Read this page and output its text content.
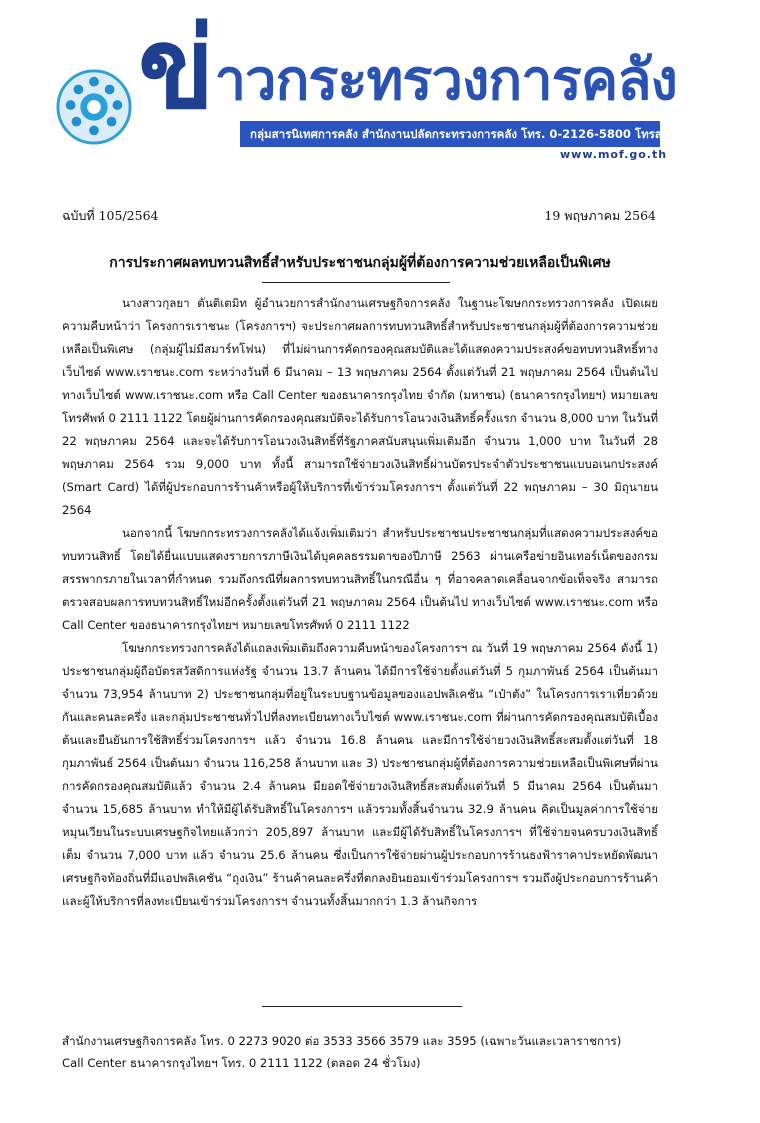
ข่ าวกระทรวงการคลัง
กลุ่มสารนิเทศการคลัง สำนักงานปลัดกระทรวงการคลัง โทร. 0-2126-5800 โทรสาร 0-2273-9763
www.mof.go.th
ฉบับที่ 105/2564	19 พฤษภาคม 2564
การประกาศผลทบทวนสิทธิ์สำหรับประชาชนกลุ่มผู้ที่ต้องการความช่วยเหลือเป็นพิเศษ

นางสาวกุลยา ตันติเตมิท ผู้อำนวยการสำนักงานเศรษฐกิจการคลัง ในฐานะโฆษกกระทรวงการคลัง เปิดเผยความคืบหน้าว่า โครงการเราชนะ (โครงการฯ) จะประกาศผลการทบทวนสิทธิ์สำหรับประชาชนกลุ่มผู้ที่ต้องการความช่วยเหลือเป็นพิเศษ (กลุ่มผู้ไม่มีสมาร์ทโฟน) ที่ไม่ผ่านการคัดกรองคุณสมบัติและได้แสดงความประสงค์ขอทบทวนสิทธิ์ทางเว็บไซต์ www.เราชนะ.com ระหว่างวันที่ 6 มีนาคม – 13 พฤษภาคม 2564 ตั้งแต่วันที่ 21 พฤษภาคม 2564 เป็นต้นไป ทางเว็บไซต์ www.เราชนะ.com หรือ Call Center ของธนาคารกรุงไทย จำกัด (มหาชน) (ธนาคารกรุงไทยฯ) หมายเลขโทรศัพท์ 0 2111 1122 โดยผู้ผ่านการคัดกรองคุณสมบัติจะได้รับการโอนวงเงินสิทธิ์ครั้งแรก จำนวน 8,000 บาท ในวันที่ 22 พฤษภาคม 2564 และจะได้รับการโอนวงเงินสิทธิ์ที่รัฐภาคสนับสนุนเพิ่มเติมอีก จำนวน 1,000 บาท ในวันที่ 28 พฤษภาคม 2564 รวม 9,000 บาท ทั้งนี้ สามารถใช้จ่ายวงเงินสิทธิ์ผ่านบัตรประจำตัวประชาชนแบบอเนกประสงค์ (Smart Card) ได้ที่ผู้ประกอบการร้านค้าหรือผู้ให้บริการที่เข้าร่วมโครงการฯ ตั้งแต่วันที่ 22 พฤษภาคม – 30 มิถุนายน 2564

นอกจากนี้ โฆษกกระทรวงการคลังได้แจ้งเพิ่มเติมว่า สำหรับประชาชนประชาชนกลุ่มที่แสดงความประสงค์ขอทบทวนสิทธิ์ โดยได้ยื่นแบบแสดงรายการภาษีเงินได้บุคคลธรรมดาของปีภาษี 2563 ผ่านเครือข่ายอินเทอร์เน็ตของกรมสรรพากรภายในเวลาที่กำหนด รวมถึงกรณีที่ผลการทบทวนสิทธิ์ในกรณีอื่น ๆ ที่อาจคลาดเคลื่อนจากข้อเท็จจริง สามารถตรวจสอบผลการทบทวนสิทธิ์ใหม่อีกครั้งตั้งแต่วันที่ 21 พฤษภาคม 2564 เป็นต้นไป ทางเว็บไซต์ www.เราชนะ.com หรือ Call Center ของธนาคารกรุงไทยฯ หมายเลขโทรศัพท์ 0 2111 1122

โฆษกกระทรวงการคลังได้แถลงเพิ่มเติมถึงความคืบหน้าของโครงการฯ ณ วันที่ 19 พฤษภาคม 2564 ดังนี้ 1) ประชาชนกลุ่มผู้ถือบัตรสวัสดิการแห่งรัฐ จำนวน 13.7 ล้านคน ได้มีการใช้จ่ายตั้งแต่วันที่ 5 กุมภาพันธ์ 2564 เป็นต้นมา จำนวน 73,954 ล้านบาท 2) ประชาชนกลุ่มที่อยู่ในระบบฐานข้อมูลของแอปพลิเคชัน “เป๋าตัง” ในโครงการเราเที่ยวด้วยกันและคนละครึ่ง และกลุ่มประชาชนทั่วไปที่ลงทะเบียนทางเว็บไซต์ www.เราชนะ.com ที่ผ่านการคัดกรองคุณสมบัติเบื้องต้นและยืนยันการใช้สิทธิ์ร่วมโครงการฯ แล้ว จำนวน 16.8 ล้านคน และมีการใช้จ่ายวงเงินสิทธิ์สะสมตั้งแต่วันที่ 18 กุมภาพันธ์ 2564 เป็นต้นมา จำนวน 116,258 ล้านบาท และ 3) ประชาชนกลุ่มผู้ที่ต้องการความช่วยเหลือเป็นพิเศษที่ผ่านการคัดกรองคุณสมบัติแล้ว จำนวน 2.4 ล้านคน มียอดใช้จ่ายวงเงินสิทธิ์สะสมตั้งแต่วันที่ 5 มีนาคม 2564 เป็นต้นมา จำนวน 15,685 ล้านบาท ทำให้มีผู้ได้รับสิทธิ์ในโครงการฯ แล้วรวมทั้งสิ้นจำนวน 32.9 ล้านคน คิดเป็นมูลค่าการใช้จ่ายหมุนเวียนในระบบเศรษฐกิจไทยแล้วกว่า 205,897 ล้านบาท และมีผู้ได้รับสิทธิ์ในโครงการฯ ที่ใช้จ่ายจนครบวงเงินสิทธิ์เต็ม จำนวน 7,000 บาท แล้ว จำนวน 25.6 ล้านคน ซึ่งเป็นการใช้จ่ายผ่านผู้ประกอบการร้านธงฟ้าราคาประหยัดพัฒนาเศรษฐกิจท้องถิ่นที่มีแอปพลิเคชัน “ถุงเงิน” ร้านค้าคนละครึ่งที่ตกลงยินยอมเข้าร่วมโครงการฯ รวมถึงผู้ประกอบการร้านค้าและผู้ให้บริการที่ลงทะเบียนเข้าร่วมโครงการฯ จำนวนทั้งสิ้นมากกว่า 1.3 ล้านกิจการ

สำนักงานเศรษฐกิจการคลัง โทร. 0 2273 9020 ต่อ 3533 3566 3579 และ 3595 (เฉพาะวันและเวลาราชการ)
Call Center ธนาคารกรุงไทยฯ โทร. 0 2111 1122 (ตลอด 24 ชั่วโมง)
